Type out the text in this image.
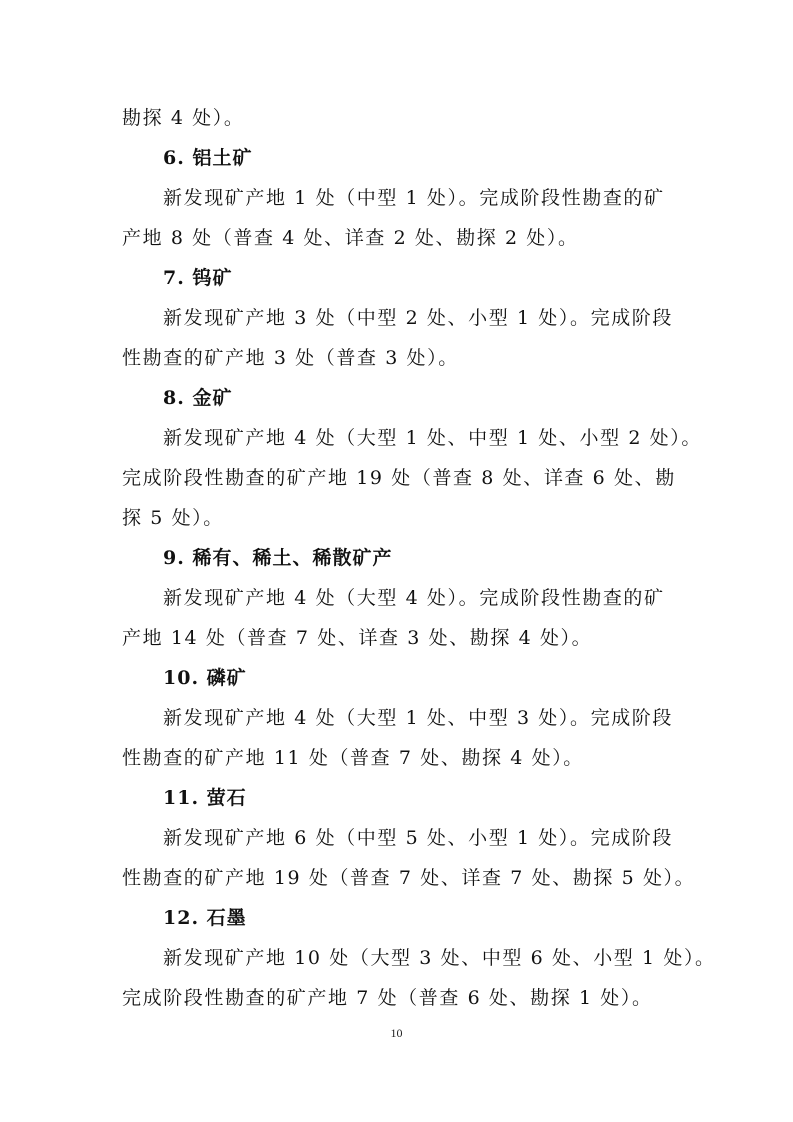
勘探 4 处）。
6. 铝土矿
新发现矿产地 1 处（中型 1 处）。完成阶段性勘查的矿
产地 8 处（普查 4 处、详查 2 处、勘探 2 处）。
7. 钨矿
新发现矿产地 3 处（中型 2 处、小型 1 处）。完成阶段
性勘查的矿产地 3 处（普查 3 处）。
8. 金矿
新发现矿产地 4 处（大型 1 处、中型 1 处、小型 2 处）。
完成阶段性勘查的矿产地 19 处（普查 8 处、详查 6 处、勘
探 5 处）。
9. 稀有、稀土、稀散矿产
新发现矿产地 4 处（大型 4 处）。完成阶段性勘查的矿
产地 14 处（普查 7 处、详查 3 处、勘探 4 处）。
10. 磷矿
新发现矿产地 4 处（大型 1 处、中型 3 处）。完成阶段
性勘查的矿产地 11 处（普查 7 处、勘探 4 处）。
11. 萤石
新发现矿产地 6 处（中型 5 处、小型 1 处）。完成阶段
性勘查的矿产地 19 处（普查 7 处、详查 7 处、勘探 5 处）。
12. 石墨
新发现矿产地 10 处（大型 3 处、中型 6 处、小型 1 处）。
完成阶段性勘查的矿产地 7 处（普查 6 处、勘探 1 处）。
10
